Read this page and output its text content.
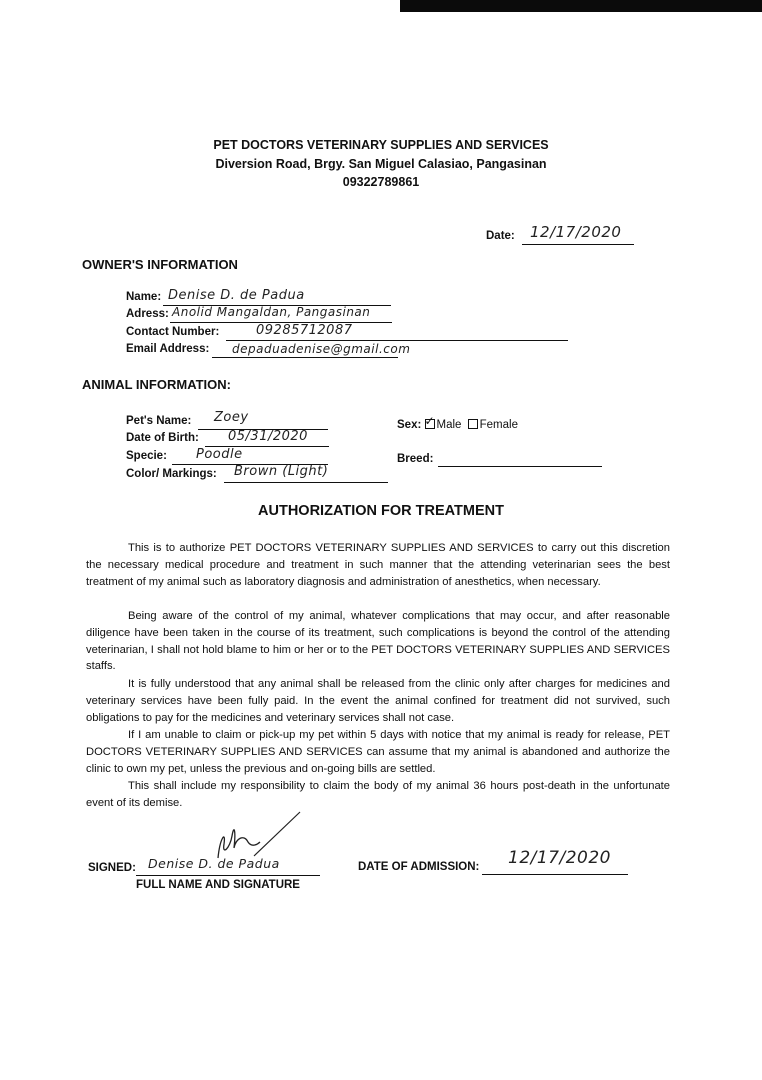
PET DOCTORS VETERINARY SUPPLIES AND SERVICES
Diversion Road, Brgy. San Miguel Calasiao, Pangasinan
09322789861
Date: 12/17/2020
OWNER'S INFORMATION
Name: Denise D. de Padua
Adress: Anolid Mangaldan, Pangasinan
Contact Number:	09285712087
Email Address: depaduadenise@gmail.com
ANIMAL INFORMATION:
Pet's Name: Zoey
Date of Birth: 05/31/2020
Specie: Poodle
Color/ Markings: Brown (Light)
Sex: ✓ Male Female
Breed:
AUTHORIZATION FOR TREATMENT

This is to authorize PET DOCTORS VETERINARY SUPPLIES AND SERVICES to carry out this discretion the necessary medical procedure and treatment in such manner that the attending veterinarian sees the best treatment of my animal such as laboratory diagnosis and administration of anesthetics, when necessary.

Being aware of the control of my animal, whatever complications that may occur, and after reasonable diligence have been taken in the course of its treatment, such complications is beyond the control of the attending veterinarian, I shall not hold blame to him or her or to the PET DOCTORS VETERINARY SUPPLIES AND SERVICES staffs.

It is fully understood that any animal shall be released from the clinic only after charges for medicines and veterinary services have been fully paid. In the event the animal confined for treatment did not survived, such obligations to pay for the medicines and veterinary services shall not case.

If I am unable to claim or pick-up my pet within 5 days with notice that my animal is ready for release, PET DOCTORS VETERINARY SUPPLIES AND SERVICES can assume that my animal is abandoned and authorize the clinic to own my pet, unless the previous and on-going bills are settled.

This shall include my responsibility to claim the body of my animal 36 hours post-death in the unfortunate event of its demise.

SIGNED: Denise D. de Padua
FULL NAME AND SIGNATURE
DATE OF ADMISSION: 12/17/2020
